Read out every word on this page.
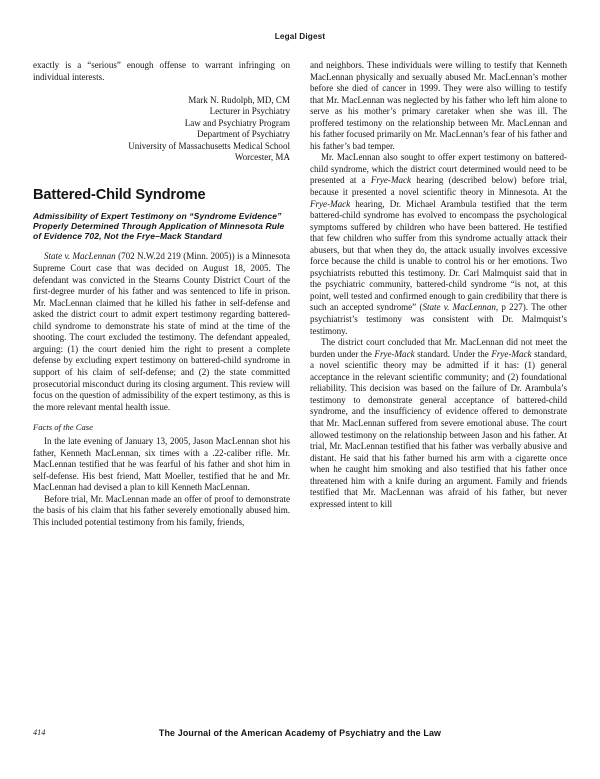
Legal Digest

exactly is a “serious” enough offense to warrant infringing on individual interests.

Mark N. Rudolph, MD, CM
Lecturer in Psychiatry
Law and Psychiatry Program
Department of Psychiatry
University of Massachusetts Medical School
Worcester, MA
Battered-Child Syndrome
Admissibility of Expert Testimony on “Syndrome Evidence” Properly Determined Through Application of Minnesota Rule of Evidence 702, Not the Frye–Mack Standard

State v. MacLennan (702 N.W.2d 219 (Minn. 2005)) is a Minnesota Supreme Court case that was decided on August 18, 2005. The defendant was convicted in the Stearns County District Court of the first-degree murder of his father and was sentenced to life in prison. Mr. MacLennan claimed that he killed his father in self-defense and asked the district court to admit expert testimony regarding battered-child syndrome to demonstrate his state of mind at the time of the shooting. The court excluded the testimony. The defendant appealed, arguing: (1) the court denied him the right to present a complete defense by excluding expert testimony on battered-child syndrome in support of his claim of self-defense; and (2) the state committed prosecutorial misconduct during its closing argument. This review will focus on the question of admissibility of the expert testimony, as this is the more relevant mental health issue.

Facts of the Case

In the late evening of January 13, 2005, Jason MacLennan shot his father, Kenneth MacLennan, six times with a .22-caliber rifle. Mr. MacLennan testified that he was fearful of his father and shot him in self-defense. His best friend, Matt Moeller, testified that he and Mr. MacLennan had devised a plan to kill Kenneth MacLennan.

Before trial, Mr. MacLennan made an offer of proof to demonstrate the basis of his claim that his father severely emotionally abused him. This included potential testimony from his family, friends,

and neighbors. These individuals were willing to testify that Kenneth MacLennan physically and sexually abused Mr. MacLennan’s mother before she died of cancer in 1999. They were also willing to testify that Mr. MacLennan was neglected by his father who left him alone to serve as his mother’s primary caretaker when she was ill. The proffered testimony on the relationship between Mr. MacLennan and his father focused primarily on Mr. MacLennan’s fear of his father and his father’s bad temper.

Mr. MacLennan also sought to offer expert testimony on battered-child syndrome, which the district court determined would need to be presented at a Frye-Mack hearing (described below) before trial, because it presented a novel scientific theory in Minnesota. At the Frye-Mack hearing, Dr. Michael Arambula testified that the term battered-child syndrome has evolved to encompass the psychological symptoms suffered by children who have been battered. He testified that few children who suffer from this syndrome actually attack their abusers, but that when they do, the attack usually involves excessive force because the child is unable to control his or her emotions. Two psychiatrists rebutted this testimony. Dr. Carl Malmquist said that in the psychiatric community, battered-child syndrome “is not, at this point, well tested and confirmed enough to gain credibility that there is such an accepted syndrome” (State v. MacLennan, p 227). The other psychiatrist’s testimony was consistent with Dr. Malmquist’s testimony.

The district court concluded that Mr. MacLennan did not meet the burden under the Frye-Mack standard. Under the Frye-Mack standard, a novel scientific theory may be admitted if it has: (1) general acceptance in the relevant scientific community; and (2) foundational reliability. This decision was based on the failure of Dr. Arambula’s testimony to demonstrate general acceptance of battered-child syndrome, and the insufficiency of evidence offered to demonstrate that Mr. MacLennan suffered from severe emotional abuse. The court allowed testimony on the relationship between Jason and his father. At trial, Mr. MacLennan testified that his father was verbally abusive and distant. He said that his father burned his arm with a cigarette once when he caught him smoking and also testified that his father once threatened him with a knife during an argument. Family and friends testified that Mr. MacLennan was afraid of his father, but never expressed intent to kill

414	The Journal of the American Academy of Psychiatry and the Law
